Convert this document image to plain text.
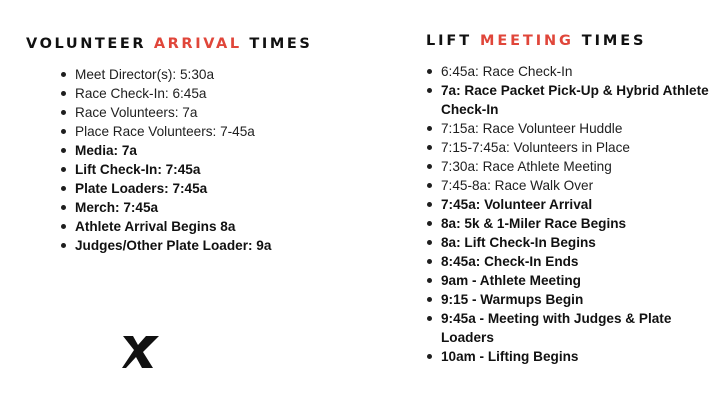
VOLUNTEER ARRIVAL TIMES
Meet Director(s): 5:30a
Race Check-In: 6:45a
Race Volunteers: 7a
Place Race Volunteers: 7-45a
Media: 7a
Lift Check-In: 7:45a
Plate Loaders: 7:45a
Merch: 7:45a
Athlete Arrival Begins 8a
Judges/Other Plate Loader: 9a
LIFT MEETING TIMES
6:45a: Race Check-In
7a: Race Packet Pick-Up & Hybrid Athlete Check-In
7:15a: Race Volunteer Huddle
7:15-7:45a: Volunteers in Place
7:30a: Race Athlete Meeting
7:45-8a: Race Walk Over
7:45a: Volunteer Arrival
8a: 5k & 1-Miler Race Begins
8a: Lift Check-In Begins
8:45a: Check-In Ends
9am - Athlete Meeting
9:15 - Warmups Begin
9:45a - Meeting with Judges & Plate Loaders
10am - Lifting Begins
